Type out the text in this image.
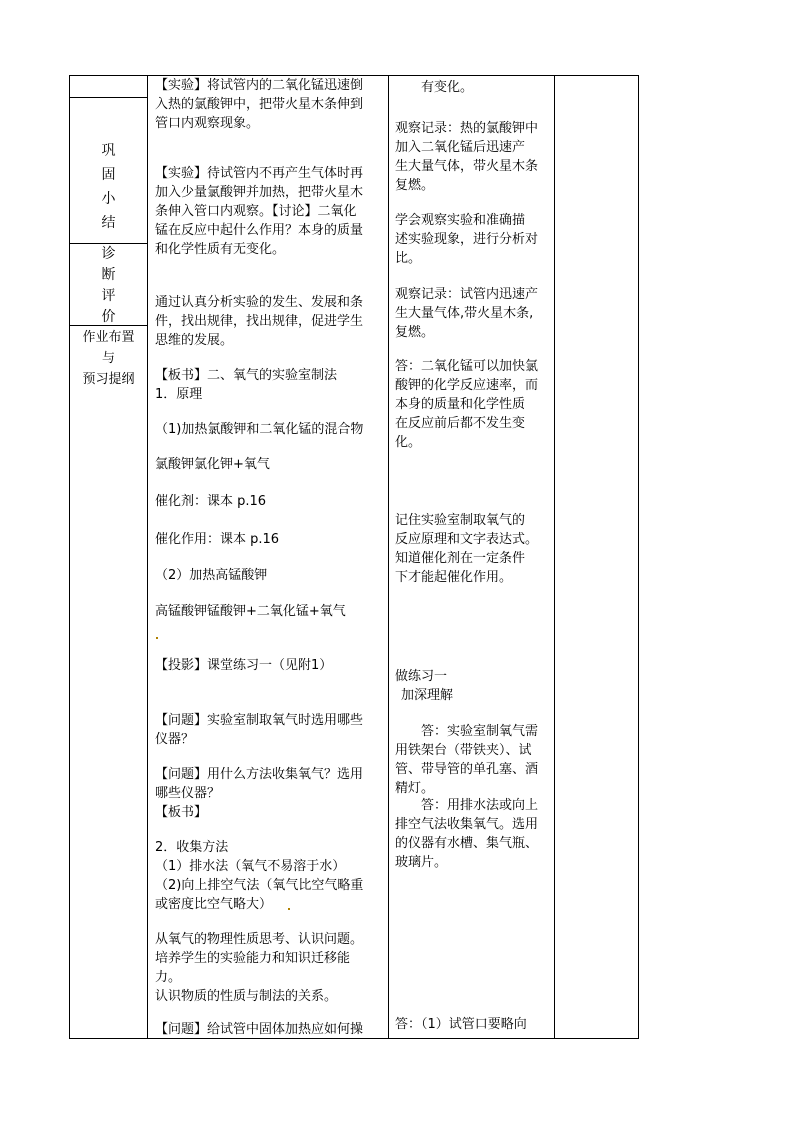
巩
固
小
结
诊
断
评
价
作业布置
与
预习提纲
【实验】将试管内的二氧化锰迅速倒
入热的氯酸钾中，把带火星木条伸到
管口内观察现象。
【实验】待试管内不再产生气体时再
加入少量氯酸钾并加热，把带火星木
条伸入管口内观察。【讨论】二氧化
锰在反应中起什么作用？本身的质量
和化学性质有无变化。
通过认真分析实验的发生、发展和条
件，找出规律，找出规律，促进学生
思维的发展。
【板书】二、氧气的实验室制法
1．原理
（1)加热氯酸钾和二氧化锰的混合物
氯酸钾氯化钾+氧气
催化剂：课本 p.16
催化作用：课本 p.16
（2）加热高锰酸钾
高锰酸钾锰酸钾+二氧化锰+氧气
【投影】课堂练习一（见附1）
【问题】实验室制取氧气时选用哪些
仪器？
【问题】用什么方法收集氧气？选用
哪些仪器？
【板书】
2．收集方法
（1）排水法（氧气不易溶于水）
（2)向上排空气法（氧气比空气略重
或密度比空气略大）
从氧气的物理性质思考、认识问题。
培养学生的实验能力和知识迁移能
力。
认识物质的性质与制法的关系。
【问题】给试管中固体加热应如何操
有变化。
观察记录：热的氯酸钾中
加入二氧化锰后迅速产
生大量气体，带火星木条
复燃。
学会观察实验和准确描
述实验现象，进行分析对
比。
观察记录：试管内迅速产
生大量气体,带火星木条,
复燃。
答：二氧化锰可以加快氯
酸钾的化学反应速率，而
本身的质量和化学性质
在反应前后都不发生变
化。
记住实验室制取氧气的
反应原理和文字表达式。
知道催化剂在一定条件
下才能起催化作用。
做练习一
加深理解
答：实验室制氧气需
用铁架台（带铁夹）、试
管、带导管的单孔塞、酒
精灯。
答：用排水法或向上
排空气法收集氧气。选用
的仪器有水槽、集气瓶、
玻璃片。
答：（1）试管口要略向
